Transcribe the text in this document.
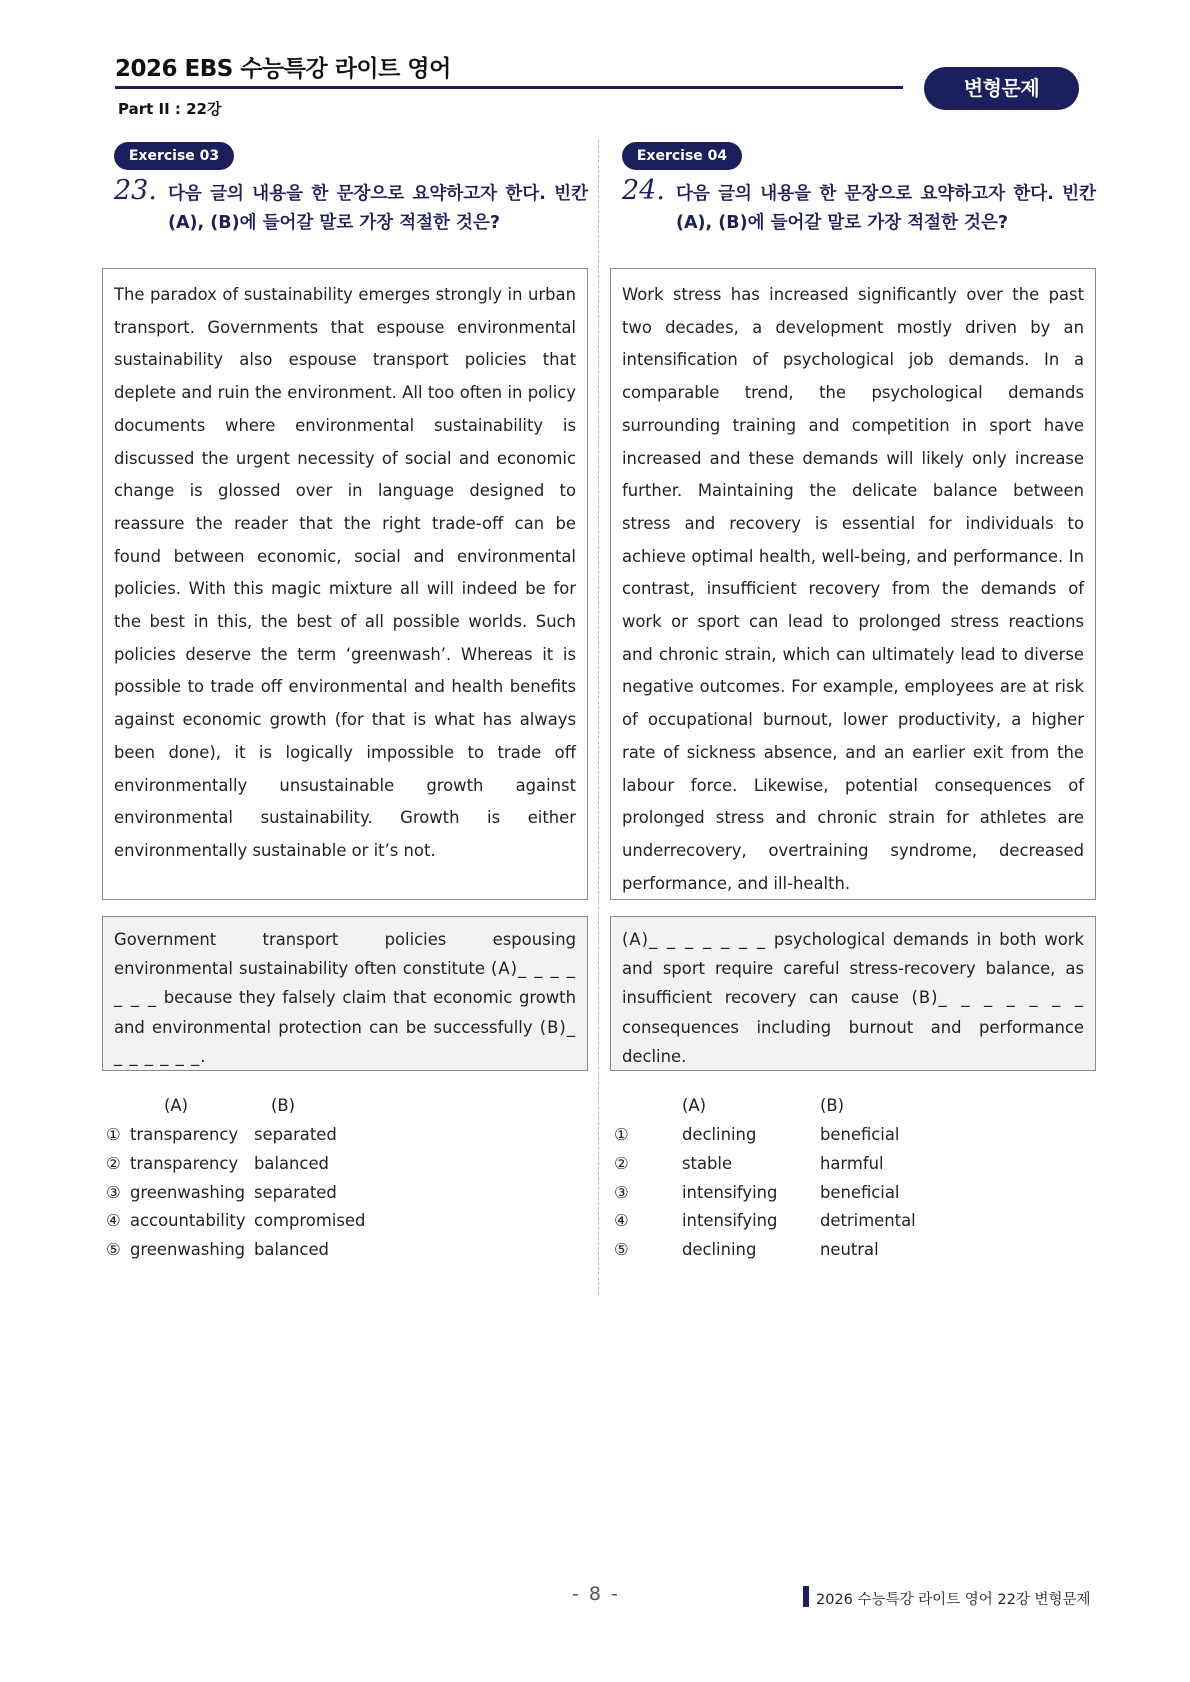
2026 EBS 수능특강 라이트 영어
Part II : 22강
변형문제
Exercise 03
23. 다음 글의 내용을 한 문장으로 요약하고자 한다. 빈칸
(A), (B)에 들어갈 말로 가장 적절한 것은?
The paradox of sustainability emerges strongly in urban transport. Governments that espouse environmental sustainability also espouse transport policies that deplete and ruin the environment. All too often in policy documents where environmental sustainability is discussed the urgent necessity of social and economic change is glossed over in language designed to reassure the reader that the right trade-off can be found between economic, social and environmental policies. With this magic mixture all will indeed be for the best in this, the best of all possible worlds. Such policies deserve the term ‘greenwash’. Whereas it is possible to trade off environmental and health benefits against economic growth (for that is what has always been done), it is logically impossible to trade off environmentally unsustainable growth against environmental sustainability. Growth is either environmentally sustainable or it’s not.
Government transport policies espousing environmental sustainability often constitute (A)_ _ _ _ _ _ _ because they falsely claim that economic growth and environmental protection can be successfully (B)_ _ _ _ _ _ _.
(A)	(B)
① transparency separated
② transparency balanced
③ greenwashing separated
④ accountability compromised
⑤ greenwashing balanced
Exercise 04
24. 다음 글의 내용을 한 문장으로 요약하고자 한다. 빈칸
(A), (B)에 들어갈 말로 가장 적절한 것은?
Work stress has increased significantly over the past two decades, a development mostly driven by an intensification of psychological job demands. In a comparable trend, the psychological demands surrounding training and competition in sport have increased and these demands will likely only increase further. Maintaining the delicate balance between stress and recovery is essential for individuals to achieve optimal health, well-being, and performance. In contrast, insufficient recovery from the demands of work or sport can lead to prolonged stress reactions and chronic strain, which can ultimately lead to diverse negative outcomes. For example, employees are at risk of occupational burnout, lower productivity, a higher rate of sickness absence, and an earlier exit from the labour force. Likewise, potential consequences of prolonged stress and chronic strain for athletes are underrecovery, overtraining syndrome, decreased performance, and ill-health.
(A)_ _ _ _ _ _ _ psychological demands in both work and sport require careful stress-recovery balance, as insufficient recovery can cause (B)_ _ _ _ _ _ _ consequences including burnout and performance decline.
(A)	(B)
①	declining	beneficial
②	stable	harmful
③	intensifying	beneficial
④	intensifying	detrimental
⑤	declining	neutral
- 8 -	2026 수능특강 라이트 영어 22강 변형문제
